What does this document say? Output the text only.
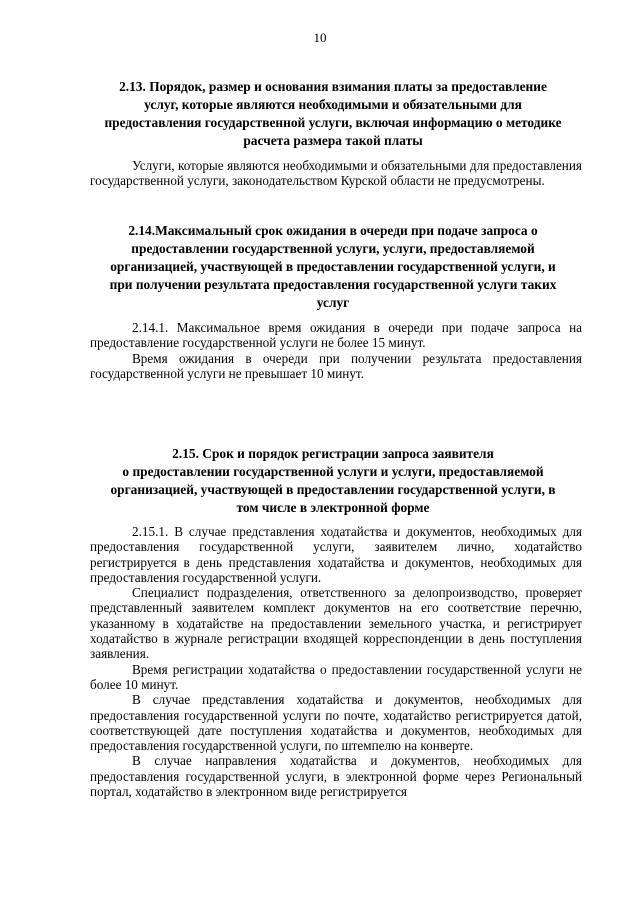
10
2.13. Порядок, размер и основания взимания платы за предоставление
услуг, которые являются необходимыми и обязательными для
предоставления государственной услуги, включая информацию о методике
расчета размера такой платы

Услуги, которые являются необходимыми и обязательными для предоставления государственной услуги, законодательством Курской области не предусмотрены.

2.14.Максимальный срок ожидания в очереди при подаче запроса о
предоставлении государственной услуги, услуги, предоставляемой
организацией, участвующей в предоставлении государственной услуги, и
при получении результата предоставления государственной услуги таких
услуг

2.14.1. Максимальное время ожидания в очереди при подаче запроса на предоставление государственной услуги не более 15 минут.

Время ожидания в очереди при получении результата предоставления государственной услуги не превышает 10 минут.

2.15. Срок и порядок регистрации запроса заявителя
о предоставлении государственной услуги и услуги, предоставляемой
организацией, участвующей в предоставлении государственной услуги, в
том числе в электронной форме

2.15.1. В случае представления ходатайства и документов, необходимых для предоставления государственной услуги, заявителем лично, ходатайство регистрируется в день представления ходатайства и документов, необходимых для предоставления государственной услуги.

Специалист подразделения, ответственного за делопроизводство, проверяет представленный заявителем комплект документов на его соответствие перечню, указанному в ходатайстве на предоставлении земельного участка, и регистрирует ходатайство в журнале регистрации входящей корреспонденции в день поступления заявления.

Время регистрации ходатайства о предоставлении государственной услуги не более 10 минут.

В случае представления ходатайства и документов, необходимых для предоставления государственной услуги по почте, ходатайство регистрируется датой, соответствующей дате поступления ходатайства и документов, необходимых для предоставления государственной услуги, по штемпелю на конверте.

В случае направления ходатайства и документов, необходимых для предоставления государственной услуги, в электронной форме через Региональный портал, ходатайство в электронном виде регистрируется
